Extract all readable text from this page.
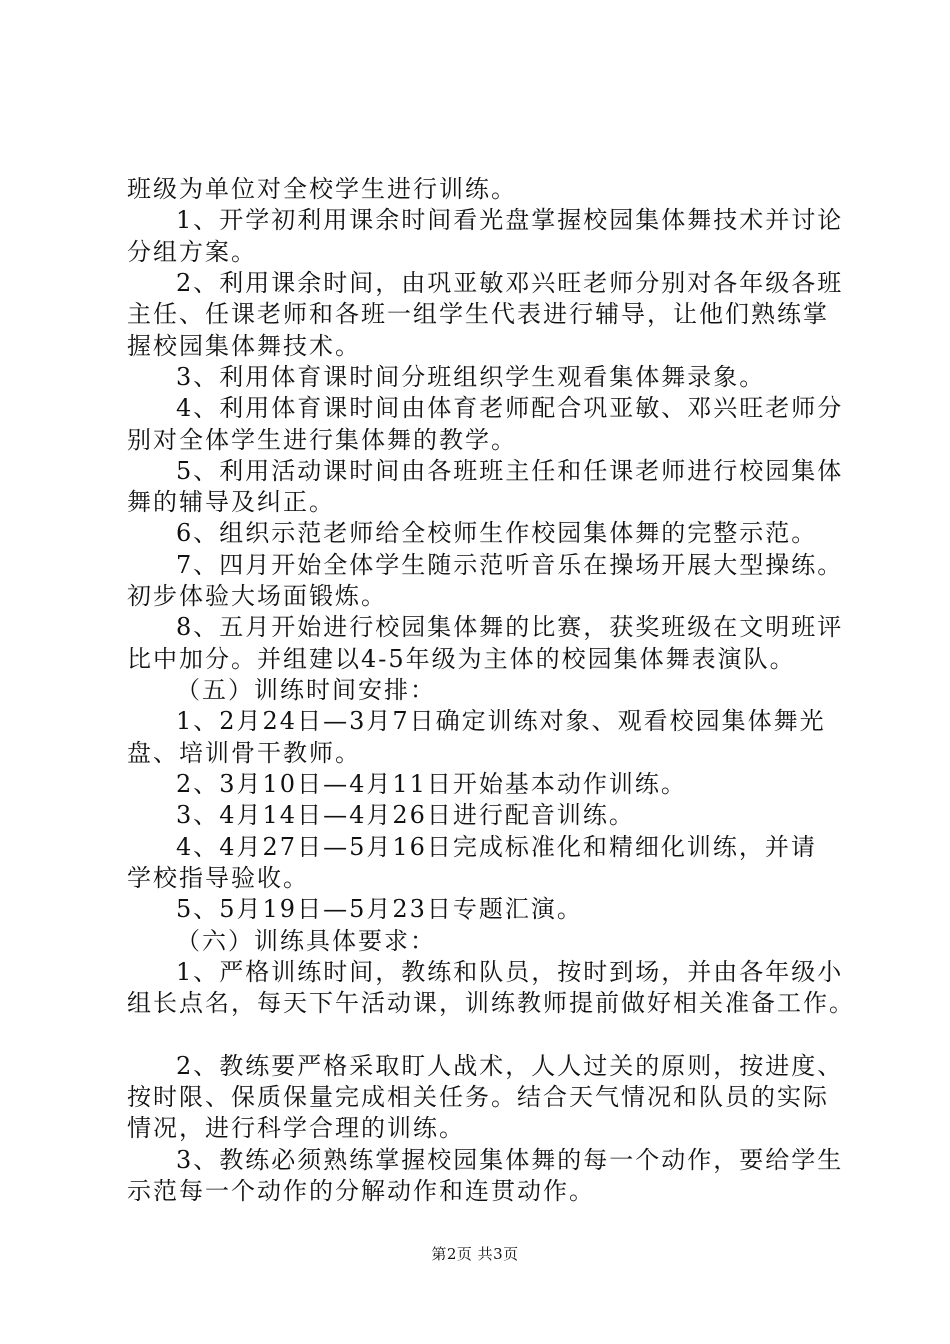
班级为单位对全校学生进行训练。
1、开学初利用课余时间看光盘掌握校园集体舞技术并讨论
分组方案。
2、利用课余时间，由巩亚敏邓兴旺老师分别对各年级各班
主任、任课老师和各班一组学生代表进行辅导，让他们熟练掌
握校园集体舞技术。
3、利用体育课时间分班组织学生观看集体舞录象。
4、利用体育课时间由体育老师配合巩亚敏、邓兴旺老师分
别对全体学生进行集体舞的教学。
5、利用活动课时间由各班班主任和任课老师进行校园集体
舞的辅导及纠正。
6、组织示范老师给全校师生作校园集体舞的完整示范。
7、四月开始全体学生随示范听音乐在操场开展大型操练。
初步体验大场面锻炼。
8、五月开始进行校园集体舞的比赛，获奖班级在文明班评
比中加分。并组建以4-5年级为主体的校园集体舞表演队。
（五）训练时间安排：
1、2月24日—3月7日确定训练对象、观看校园集体舞光
盘、培训骨干教师。
2、3月10日—4月11日开始基本动作训练。
3、4月14日—4月26日进行配音训练。
4、4月27日—5月16日完成标准化和精细化训练，并请
学校指导验收。
5、5月19日—5月23日专题汇演。
（六）训练具体要求：
1、严格训练时间，教练和队员，按时到场，并由各年级小
组长点名，每天下午活动课，训练教师提前做好相关准备工作。
2、教练要严格采取盯人战术，人人过关的原则，按进度、
按时限、保质保量完成相关任务。结合天气情况和队员的实际
情况，进行科学合理的训练。
3、教练必须熟练掌握校园集体舞的每一个动作，要给学生
示范每一个动作的分解动作和连贯动作。
第2页 共3页
